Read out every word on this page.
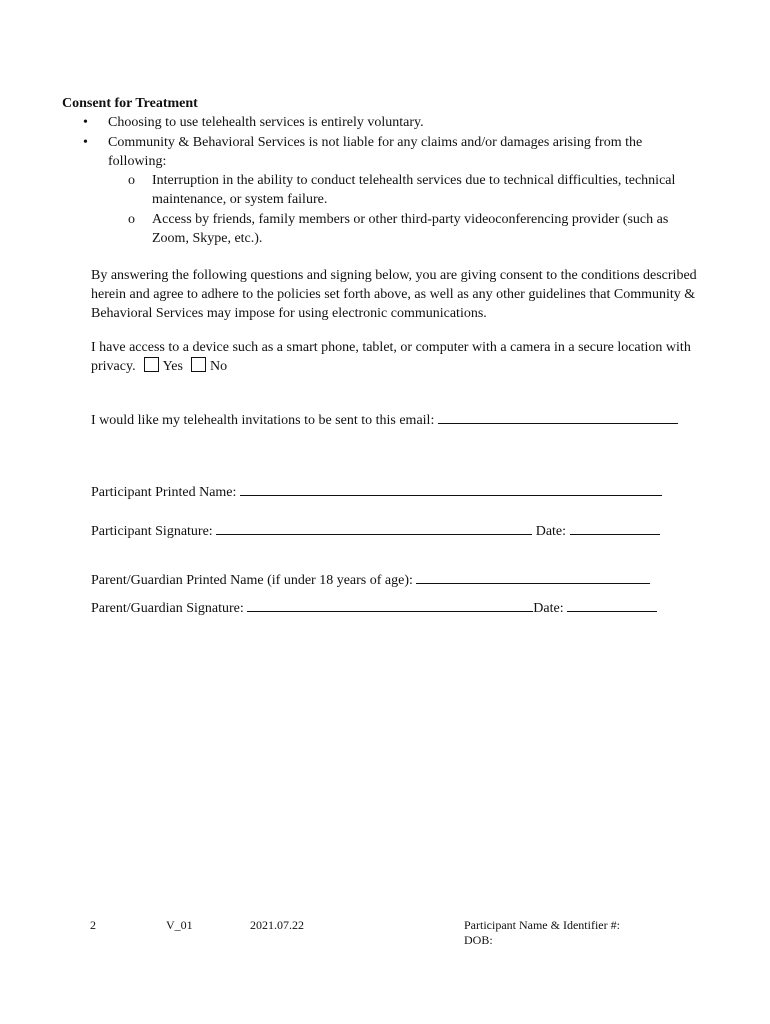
Consent for Treatment
• Choosing to use telehealth services is entirely voluntary.
• Community & Behavioral Services is not liable for any claims and/or damages arising from the following:
o Interruption in the ability to conduct telehealth services due to technical difficulties, technical maintenance, or system failure.
o Access by friends, family members or other third-party videoconferencing provider (such as Zoom, Skype, etc.).

By answering the following questions and signing below, you are giving consent to the conditions described herein and agree to adhere to the policies set forth above, as well as any other guidelines that Community & Behavioral Services may impose for using electronic communications.

I have access to a device such as a smart phone, tablet, or computer with a camera in a secure location with privacy. Yes No

I would like my telehealth invitations to be sent to this email:
Participant Printed Name:
Participant Signature:	Date:
Parent/Guardian Printed Name (if under 18 years of age):
Parent/Guardian Signature:	Date:
2	V_01	2021.07.22	Participant Name & Identifier #:
DOB:
